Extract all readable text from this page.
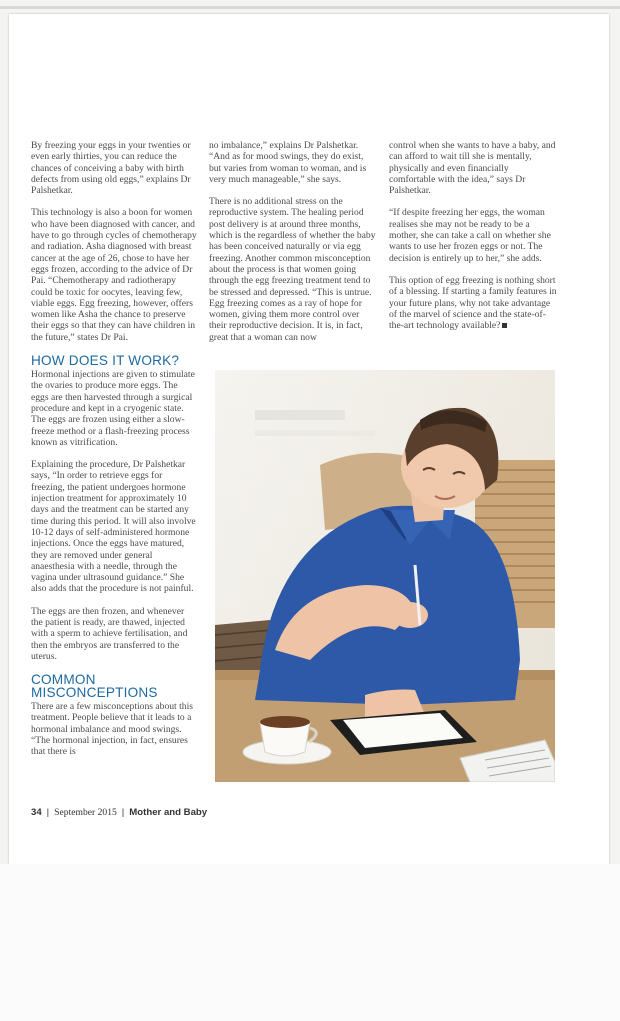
By freezing your eggs in your twenties or even early thirties, you can reduce the chances of conceiving a baby with birth defects from using old eggs,” explains Dr Palshetkar.

This technology is also a boon for women who have been diagnosed with cancer, and have to go through cycles of chemotherapy and radiation. Asha diagnosed with breast cancer at the age of 26, chose to have her eggs frozen, according to the advice of Dr Pai. “Chemotherapy and radiotherapy could be toxic for oocytes, leaving few, viable eggs. Egg freezing, however, offers women like Asha the chance to preserve their eggs so that they can have children in the future,” states Dr Pai.

HOW DOES IT WORK?

Hormonal injections are given to stimulate the ovaries to produce more eggs. The eggs are then harvested through a surgical procedure and kept in a cryogenic state. The eggs are frozen using either a slow-freeze method or a flash-freezing process known as vitrification.

Explaining the procedure, Dr Palshetkar says, “In order to retrieve eggs for freezing, the patient undergoes hormone injection treatment for approximately 10 days and the treatment can be started any time during this period. It will also involve 10-12 days of self-administered hormone injections. Once the eggs have matured, they are removed under general anaesthesia with a needle, through the vagina under ultrasound guidance.” She also adds that the procedure is not painful.

The eggs are then frozen, and whenever the patient is ready, are thawed, injected with a sperm to achieve fertilisation, and then the embryos are transferred to the uterus.

COMMON MISCONCEPTIONS

There are a few misconceptions about this treatment. People believe that it leads to a hormonal imbalance and mood swings. “The hormonal injection, in fact, ensures that there is

no imbalance,” explains Dr Palshetkar. “And as for mood swings, they do exist, but varies from woman to woman, and is very much manageable,” she says.

There is no additional stress on the reproductive system. The healing period post delivery is at around three months, which is the regardless of whether the baby has been conceived naturally or via egg freezing. Another common misconception about the process is that women going through the egg freezing treatment tend to be stressed and depressed. “This is untrue. Egg freezing comes as a ray of hope for women, giving them more control over their reproductive decision. It is, in fact, great that a woman can now

control when she wants to have a baby, and can afford to wait till she is mentally, physically and even financially comfortable with the idea,” says Dr Palshetkar.

“If despite freezing her eggs, the woman realises she may not be ready to be a mother, she can take a call on whether she wants to use her frozen eggs or not. The decision is entirely up to her,” she adds.

This option of egg freezing is nothing short of a blessing. If starting a family features in your future plans, why not take advantage of the marvel of science and the state-of-the-art technology available?

34 | September 2015 | Mother and Baby
